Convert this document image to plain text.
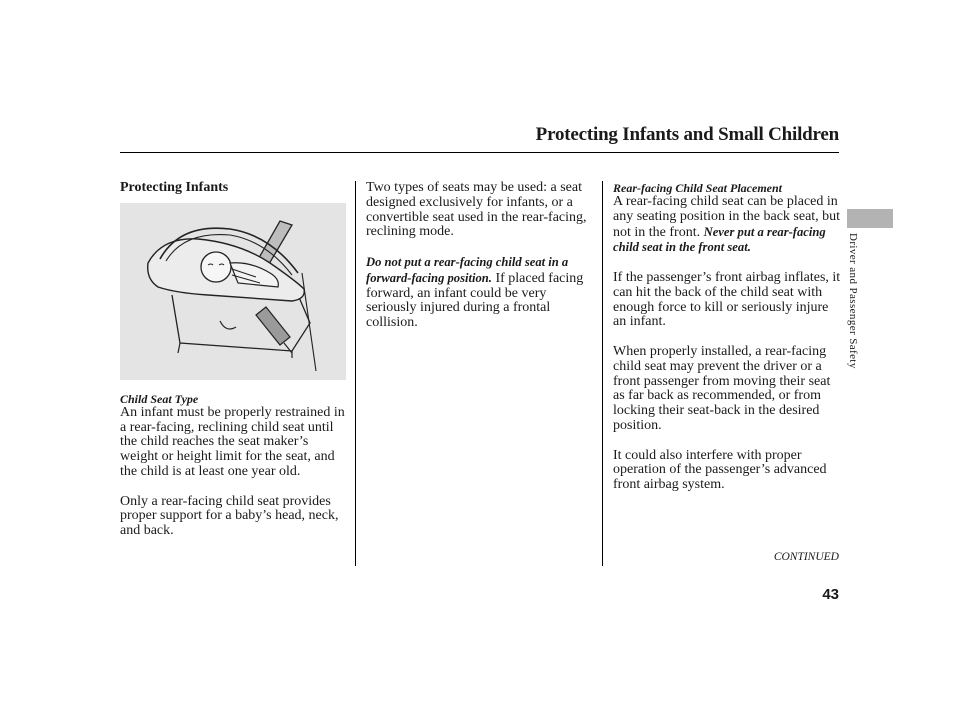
Protecting Infants and Small Children
Protecting Infants
Child Seat Type

An infant must be properly restrained in a rear-facing, reclining child seat until the child reaches the seat maker’s weight or height limit for the seat, and the child is at least one year old.

Only a rear-facing child seat provides proper support for a baby’s head, neck, and back.

Two types of seats may be used: a seat designed exclusively for infants, or a convertible seat used in the rear-facing, reclining mode.

Do not put a rear-facing child seat in a forward-facing position. If placed facing forward, an infant could be very seriously injured during a frontal collision.

Rear-facing Child Seat Placement

A rear-facing child seat can be placed in any seating position in the back seat, but not in the front. Never put a rear-facing child seat in the front seat.

If the passenger’s front airbag inflates, it can hit the back of the child seat with enough force to kill or seriously injure an infant.

When properly installed, a rear-facing child seat may prevent the driver or a front passenger from moving their seat as far back as recommended, or from locking their seat-back in the desired position.

It could also interfere with proper operation of the passenger’s advanced front airbag system.

CONTINUED
43
Driver and Passenger Safety
